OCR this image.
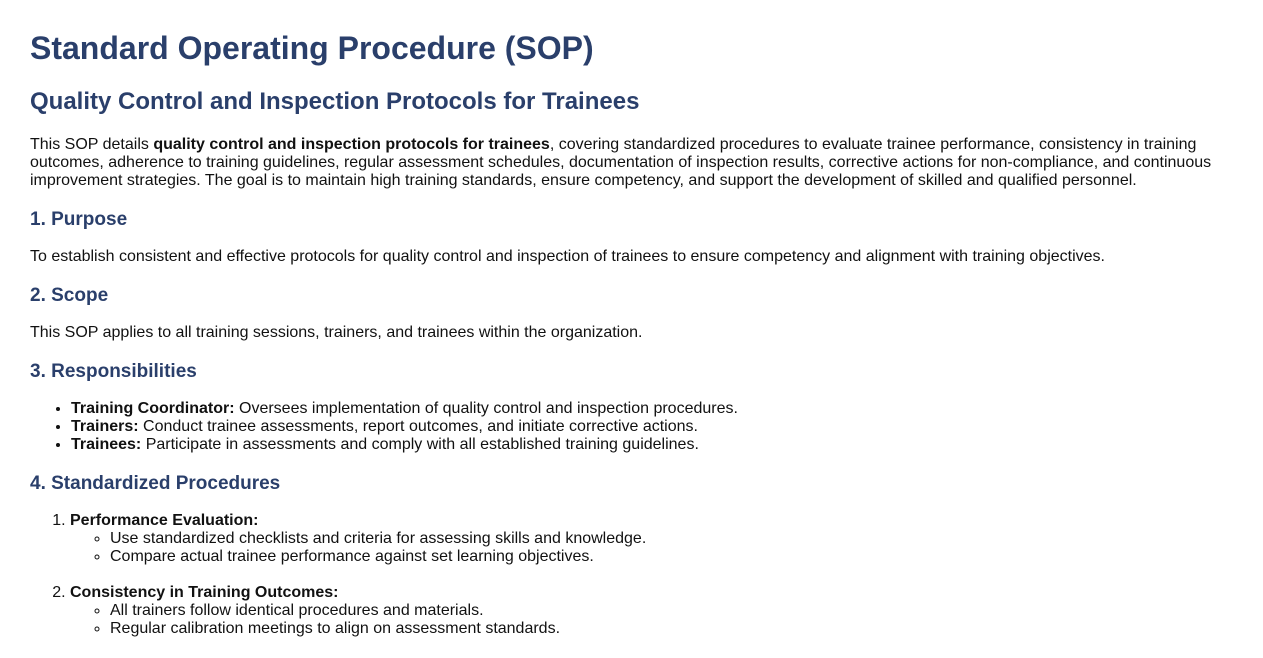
Standard Operating Procedure (SOP)
Quality Control and Inspection Protocols for Trainees

This SOP details quality control and inspection protocols for trainees, covering standardized procedures to evaluate trainee performance, consistency in training outcomes, adherence to training guidelines, regular assessment schedules, documentation of inspection results, corrective actions for non-compliance, and continuous improvement strategies. The goal is to maintain high training standards, ensure competency, and support the development of skilled and qualified personnel.

1. Purpose

To establish consistent and effective protocols for quality control and inspection of trainees to ensure competency and alignment with training objectives.

2. Scope

This SOP applies to all training sessions, trainers, and trainees within the organization.

3. Responsibilities
• Training Coordinator: Oversees implementation of quality control and inspection procedures.
• Trainers: Conduct trainee assessments, report outcomes, and initiate corrective actions.
• Trainees: Participate in assessments and comply with all established training guidelines.
4. Standardized Procedures
1. Performance Evaluation:
◦ Use standardized checklists and criteria for assessing skills and knowledge.
◦ Compare actual trainee performance against set learning objectives.
2. Consistency in Training Outcomes:
◦ All trainers follow identical procedures and materials.
◦ Regular calibration meetings to align on assessment standards.
